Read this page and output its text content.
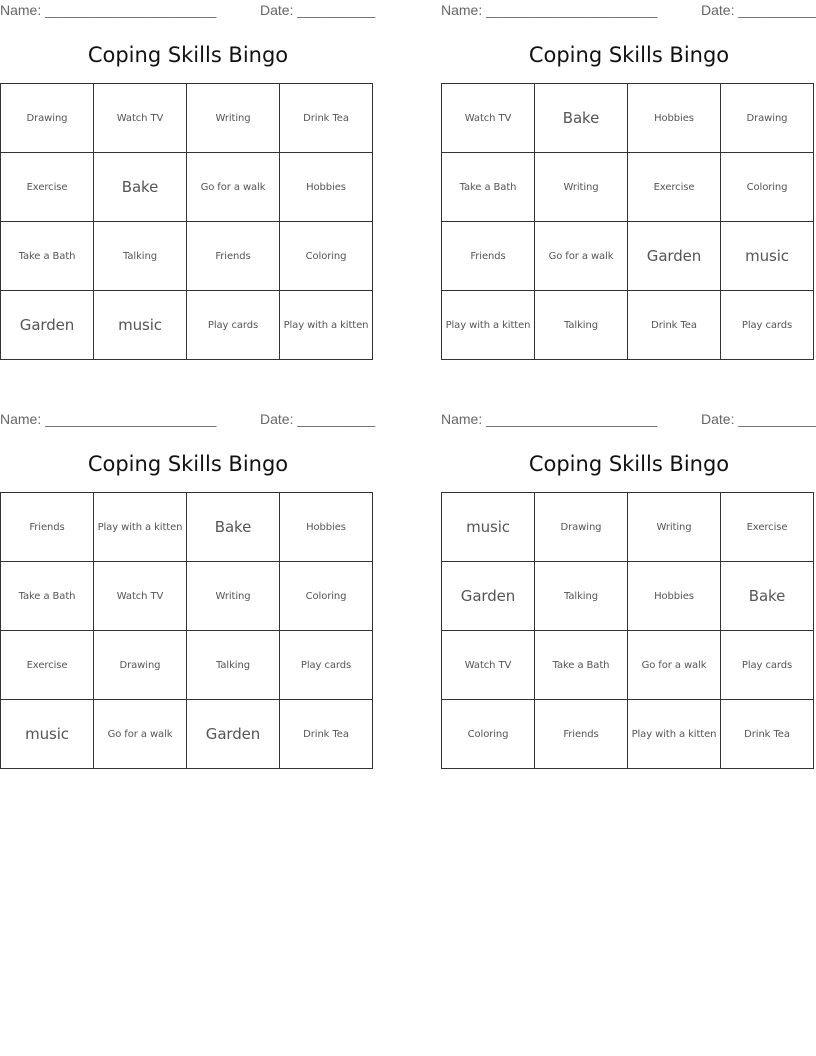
Name: ______________________	Date: __________
Coping Skills Bingo
Drawing	Watch TV	Writing	Drink Tea
Exercise	Bake	Go for a walk	Hobbies
Take a Bath	Talking	Friends	Coloring
Garden	music	Play cards	Play with a kitten
Name: ______________________	Date: __________
Coping Skills Bingo
Watch TV	Bake	Hobbies	Drawing
Take a Bath	Writing	Exercise	Coloring
Friends	Go for a walk	Garden	music
Play with a kitten	Talking	Drink Tea	Play cards
Name: ______________________	Date: __________
Coping Skills Bingo
Friends	Play with a kitten	Bake	Hobbies
Take a Bath	Watch TV	Writing	Coloring
Exercise	Drawing	Talking	Play cards
music	Go for a walk	Garden	Drink Tea
Name: ______________________	Date: __________
Coping Skills Bingo
music	Drawing	Writing	Exercise
Garden	Talking	Hobbies	Bake
Watch TV	Take a Bath	Go for a walk	Play cards
Coloring	Friends	Play with a kitten	Drink Tea
